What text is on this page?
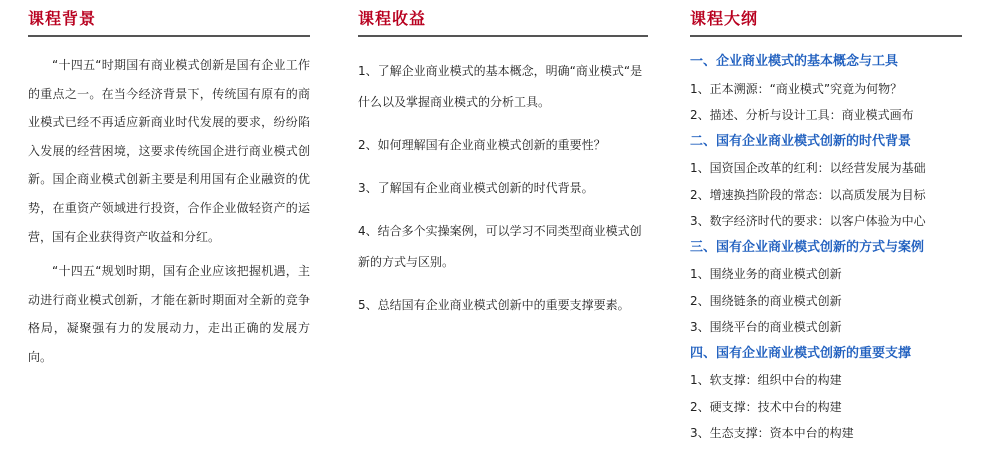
课程背景

“十四五“时期国有商业模式创新是国有企业工作的重点之一。在当今经济背景下，传统国有原有的商业模式已经不再适应新商业时代发展的要求，纷纷陷入发展的经营困境，这要求传统国企进行商业模式创新。国企商业模式创新主要是利用国有企业融资的优势，在重资产领域进行投资，合作企业做轻资产的运营，国有企业获得资产收益和分红。

“十四五“规划时期，国有企业应该把握机遇，主动进行商业模式创新，才能在新时期面对全新的竞争格局，凝聚强有力的发展动力，走出正确的发展方向。

课程收益

1、了解企业商业模式的基本概念，明确“商业模式“是什么以及掌握商业模式的分析工具。

2、如何理解国有企业商业模式创新的重要性？

3、了解国有企业商业模式创新的时代背景。

4、结合多个实操案例，可以学习不同类型商业模式创新的方式与区别。

5、总结国有企业商业模式创新中的重要支撑要素。

课程大纲

一、企业商业模式的基本概念与工具

1、正本溯源：“商业模式”究竟为何物？

2、描述、分析与设计工具：商业模式画布

二、国有企业商业模式创新的时代背景

1、国资国企改革的红利：以经营发展为基础

2、增速换挡阶段的常态：以高质发展为目标

3、数字经济时代的要求：以客户体验为中心

三、国有企业商业模式创新的方式与案例

1、围绕业务的商业模式创新

2、围绕链条的商业模式创新

3、围绕平台的商业模式创新

四、国有企业商业模式创新的重要支撑

1、软支撑：组织中台的构建

2、硬支撑：技术中台的构建

3、生态支撑：资本中台的构建
